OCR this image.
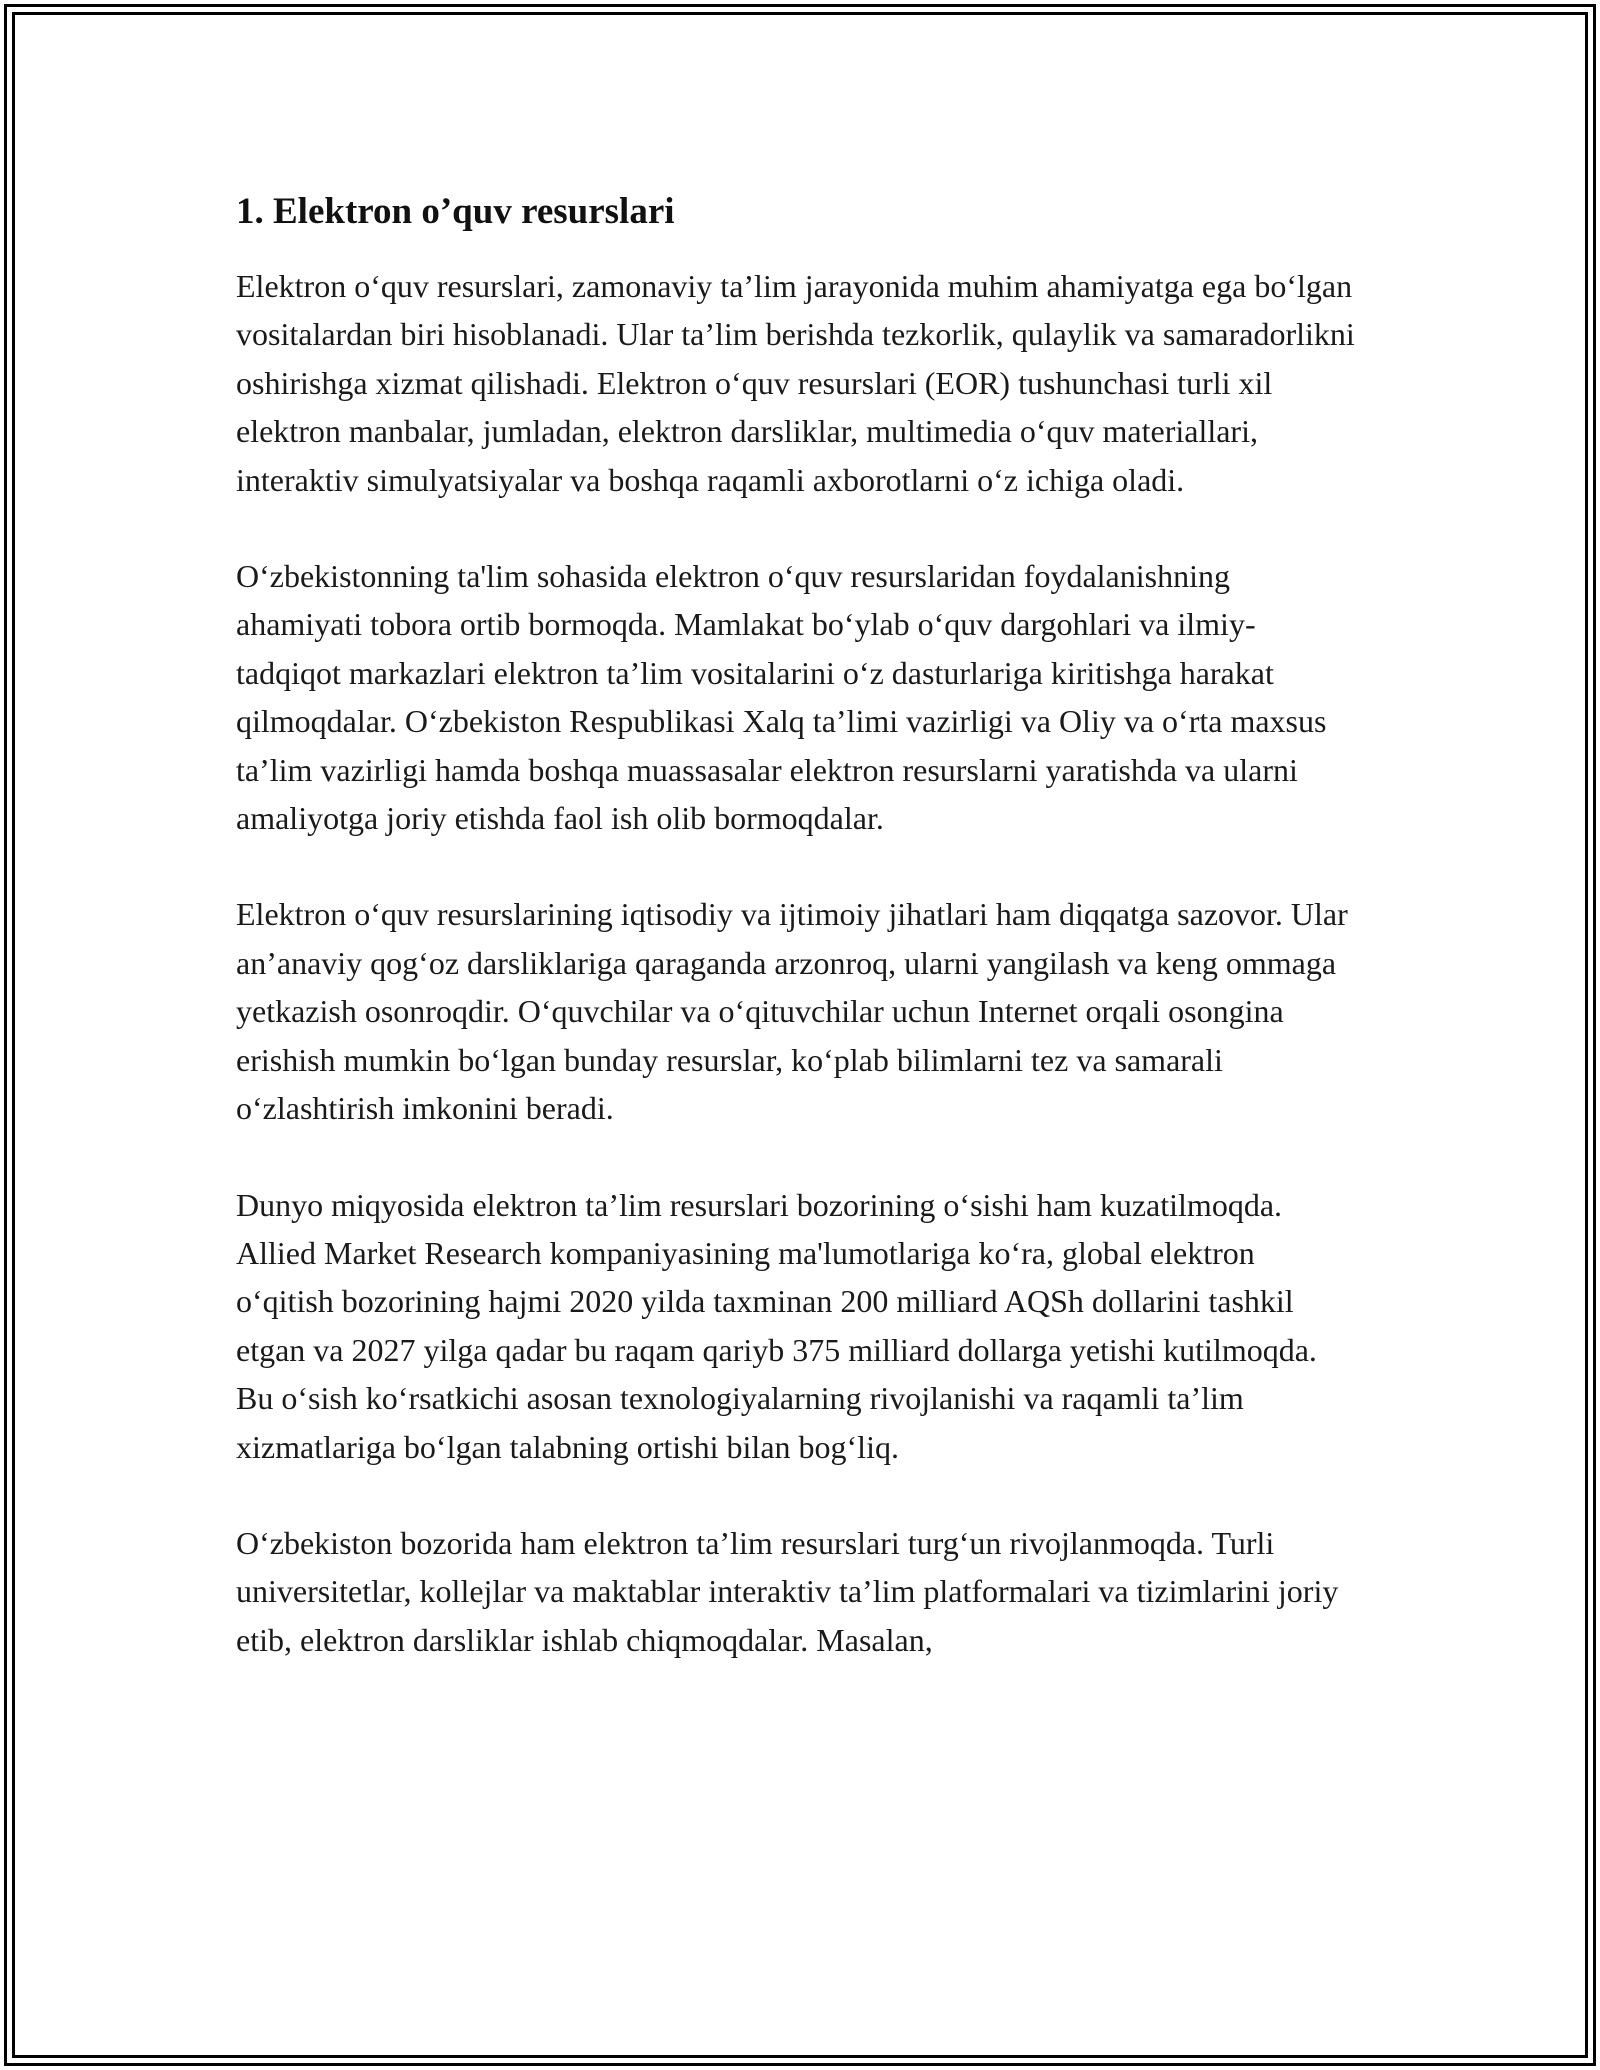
1. Elektron o’quv resurslari

Elektron o‘quv resurslari, zamonaviy ta’lim jarayonida muhim ahamiyatga ega bo‘lgan vositalardan biri hisoblanadi. Ular ta’lim berishda tezkorlik, qulaylik va samaradorlikni oshirishga xizmat qilishadi. Elektron o‘quv resurslari (EOR) tushunchasi turli xil elektron manbalar, jumladan, elektron darsliklar, multimedia o‘quv materiallari, interaktiv simulyatsiyalar va boshqa raqamli axborotlarni o‘z ichiga oladi.

O‘zbekistonning ta'lim sohasida elektron o‘quv resurslaridan foydalanishning ahamiyati tobora ortib bormoqda. Mamlakat bo‘ylab o‘quv dargohlari va ilmiy-tadqiqot markazlari elektron ta’lim vositalarini o‘z dasturlariga kiritishga harakat qilmoqdalar. O‘zbekiston Respublikasi Xalq ta’limi vazirligi va Oliy va o‘rta maxsus ta’lim vazirligi hamda boshqa muassasalar elektron resurslarni yaratishda va ularni amaliyotga joriy etishda faol ish olib bormoqdalar.

Elektron o‘quv resurslarining iqtisodiy va ijtimoiy jihatlari ham diqqatga sazovor. Ular an’anaviy qog‘oz darsliklariga qaraganda arzonroq, ularni yangilash va keng ommaga yetkazish osonroqdir. O‘quvchilar va o‘qituvchilar uchun Internet orqali osongina erishish mumkin bo‘lgan bunday resurslar, ko‘plab bilimlarni tez va samarali o‘zlashtirish imkonini beradi.

Dunyo miqyosida elektron ta’lim resurslari bozorining o‘sishi ham kuzatilmoqda. Allied Market Research kompaniyasining ma'lumotlariga ko‘ra, global elektron o‘qitish bozorining hajmi 2020 yilda taxminan 200 milliard AQSh dollarini tashkil etgan va 2027 yilga qadar bu raqam qariyb 375 milliard dollarga yetishi kutilmoqda. Bu o‘sish ko‘rsatkichi asosan texnologiyalarning rivojlanishi va raqamli ta’lim xizmatlariga bo‘lgan talabning ortishi bilan bog‘liq.

O‘zbekiston bozorida ham elektron ta’lim resurslari turg‘un rivojlanmoqda. Turli universitetlar, kollejlar va maktablar interaktiv ta’lim platformalari va tizimlarini joriy etib, elektron darsliklar ishlab chiqmoqdalar. Masalan,
